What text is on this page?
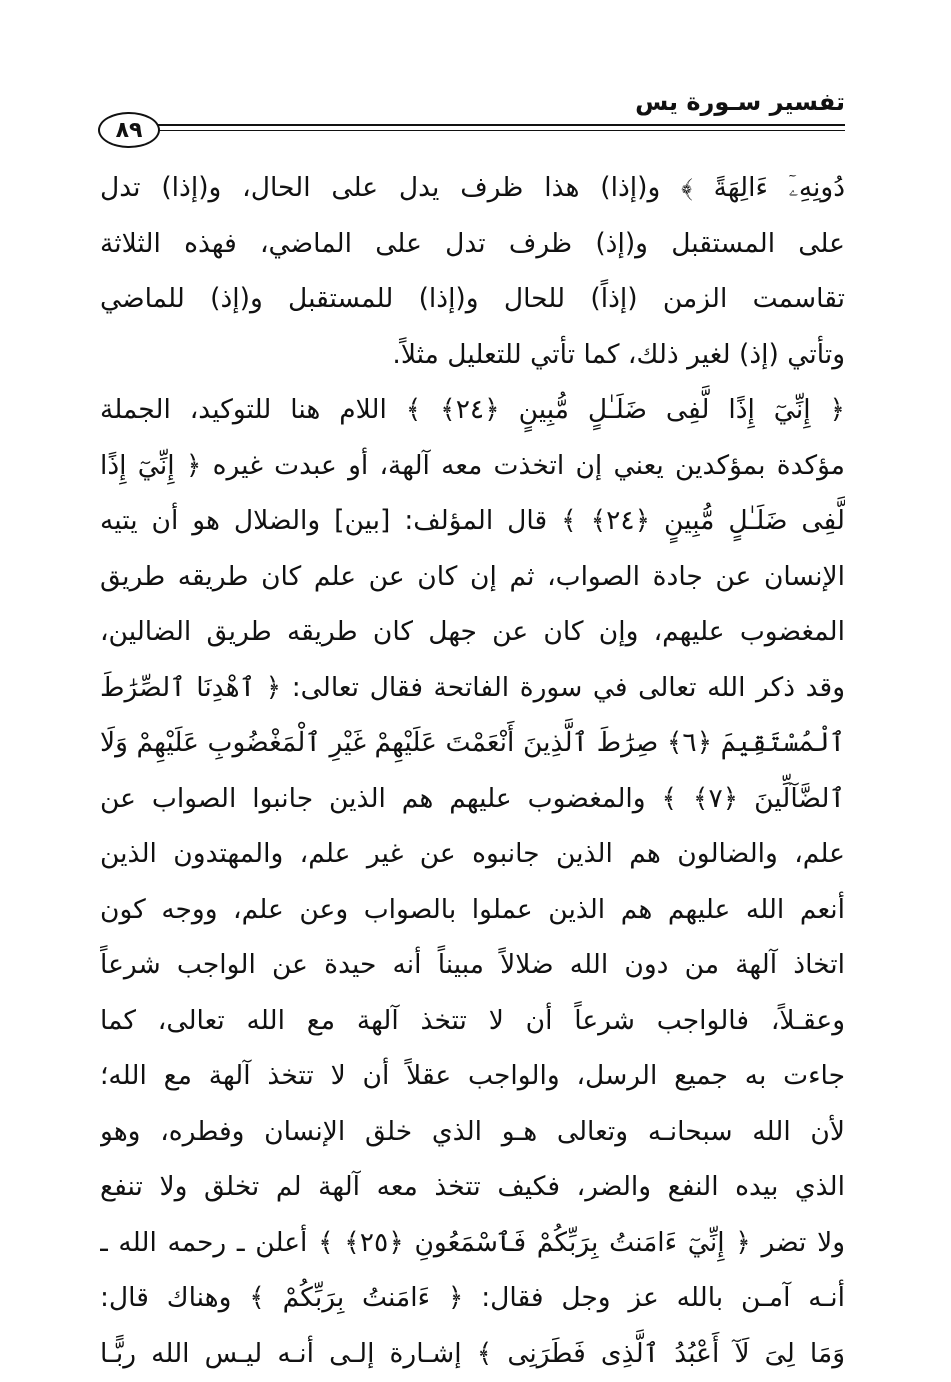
تفسير سـورة يس
٨٩
دُونِهِۦٓ ءَالِهَةً ﴾ و(إذا) هذا ظرف يدل على الحال، و(إذا) تدل
على المستقبل و(إذ) ظرف تدل على الماضي، فهذه الثلاثة
تقاسمت الزمن (إذاً) للحال و(إذا) للمستقبل و(إذ) للماضي
وتأتي (إذ) لغير ذلك، كما تأتي للتعليل مثلاً.
﴿ إِنِّيٓ إِذًا لَّفِى ضَلَـٰلٍ مُّبِينٍ ﴿٢٤﴾ ﴾ اللام هنا للتوكيد، الجملة
مؤكدة بمؤكدين يعني إن اتخذت معه آلهة، أو عبدت غيره ﴿ إِنِّيٓ إِذًا
لَّفِى ضَلَـٰلٍ مُّبِينٍ ﴿٢٤﴾ ﴾ قال المؤلف: [بين] والضلال هو أن يتيه
الإنسان عن جادة الصواب، ثم إن كان عن علم كان طريقه طريق
المغضوب عليهم، وإن كان عن جهل كان طريقه طريق الضالين،
وقد ذكر الله تعالى في سورة الفاتحة فقال تعالى: ﴿ ٱهْدِنَا ٱلصِّرَٰطَ
ٱلْمُسْتَقِيمَ ﴿٦﴾ صِرَٰطَ ٱلَّذِينَ أَنْعَمْتَ عَلَيْهِمْ غَيْرِ ٱلْمَغْضُوبِ عَلَيْهِمْ وَلَا
ٱلضَّآلِّينَ ﴿٧﴾ ﴾ والمغضوب عليهم هم الذين جانبوا الصواب عن
علم، والضالون هم الذين جانبوه عن غير علم، والمهتدون الذين
أنعم الله عليهم هم الذين عملوا بالصواب وعن علم، ووجه كون
اتخاذ آلهة من دون الله ضلالاً مبيناً أنه حيدة عن الواجب شرعاً
وعقـلاً، فالواجب شرعاً أن لا تتخذ آلهة مع الله تعالى، كما
جاءت به جميع الرسل، والواجب عقلاً أن لا تتخذ آلهة مع الله؛
لأن الله سبحانـه وتعالى هـو الذي خلق الإنسان وفطره، وهو
الذي بيده النفع والضر، فكيف تتخذ معه آلهة لم تخلق ولا تنفع
ولا تضر ﴿ إِنِّيٓ ءَامَنتُ بِرَبِّكُمْ فَٱسْمَعُونِ ﴿٢٥﴾ ﴾ أعلن ـ رحمه الله ـ
أنـه آمـن بالله عز وجل فقال: ﴿ ءَامَنتُ بِرَبِّكُمْ ﴾ وهناك قال:
وَمَا لِىَ لَآ أَعْبُدُ ٱلَّذِى فَطَرَنِى ﴾ إشـارة إلـى أنـه ليـس الله ربًّـا
